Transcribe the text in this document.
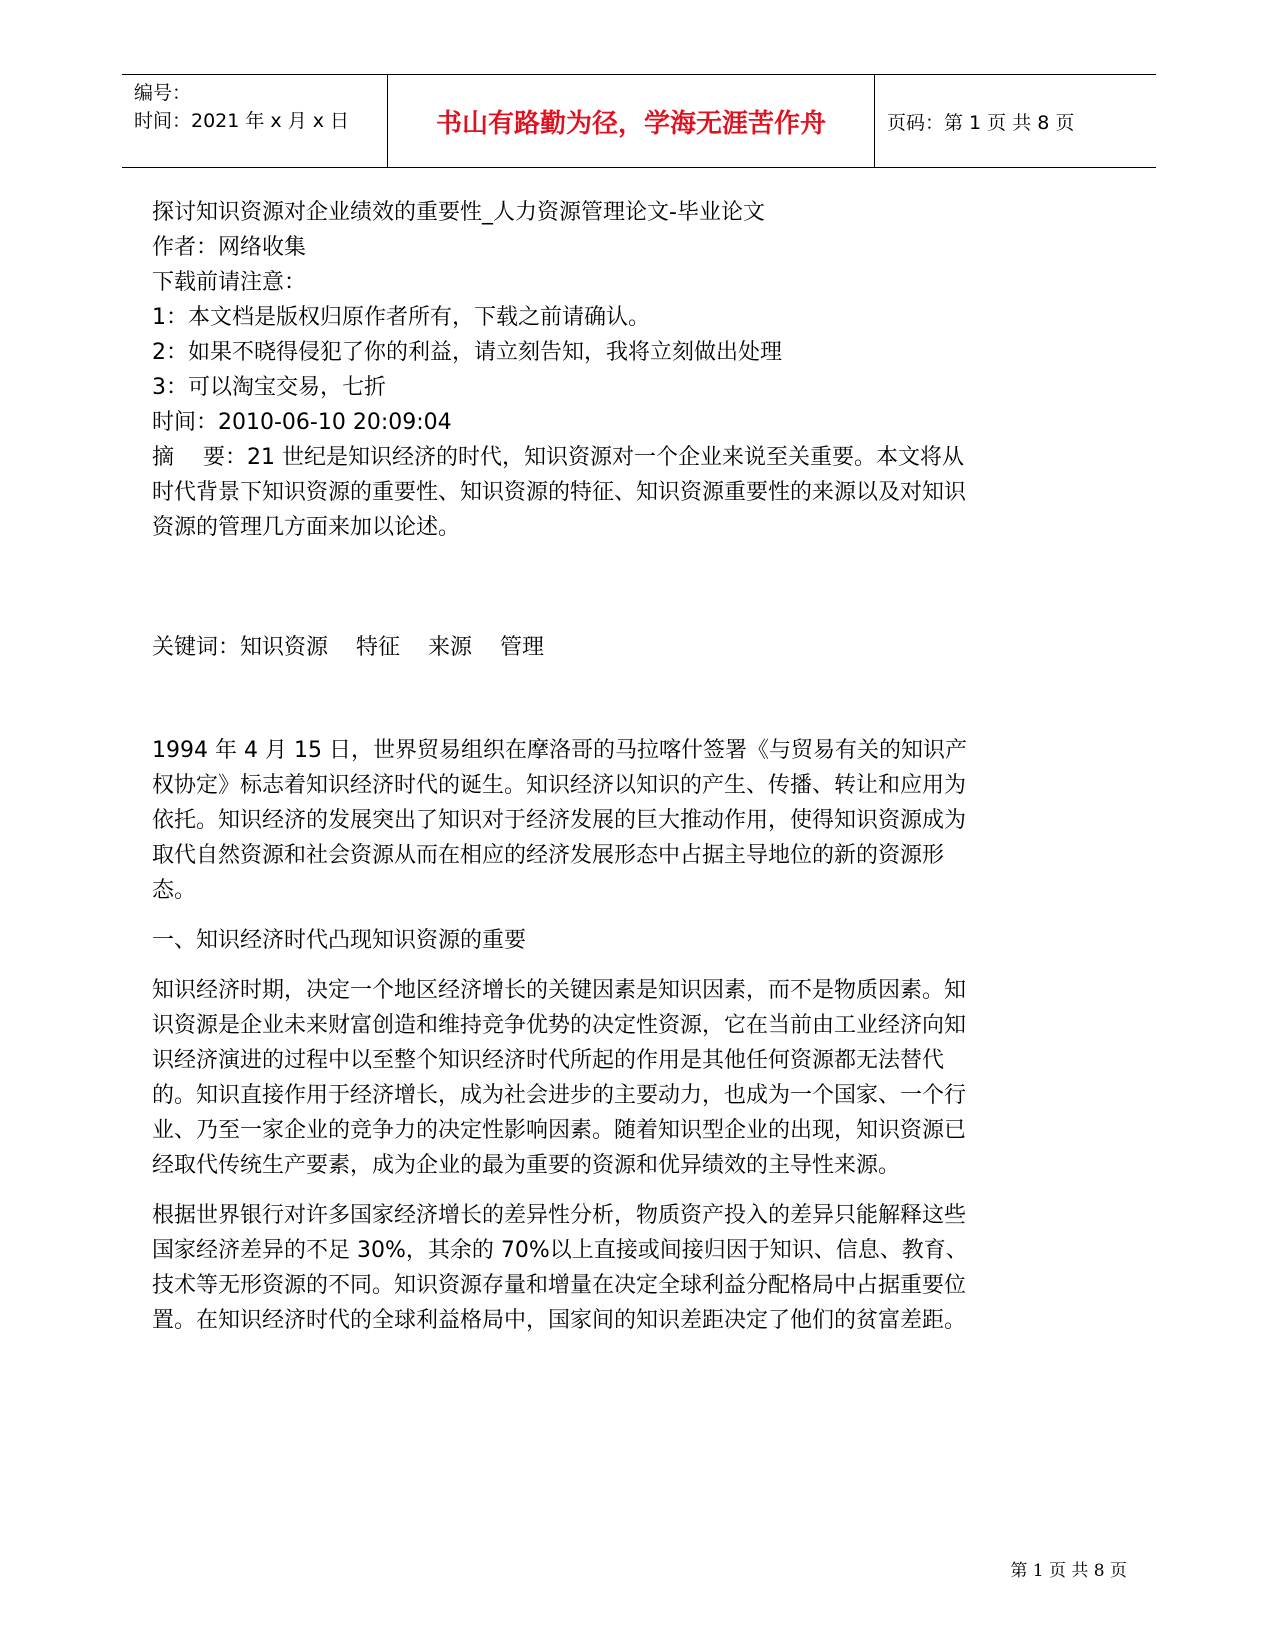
编号：
时间：2021 年 x 月 x 日	书山有路勤为径，学海无涯苦作舟	页码：第 1 页 共 8 页

探讨知识资源对企业绩效的重要性_人力资源管理论文-毕业论文

作者：网络收集

下载前请注意：

1：本文档是版权归原作者所有，下载之前请确认。

2：如果不晓得侵犯了你的利益，请立刻告知，我将立刻做出处理

3：可以淘宝交易，七折

时间：2010-06-10 20:09:04

摘　 要：21 世纪是知识经济的时代，知识资源对一个企业来说至关重要。本文将从时代背景下知识资源的重要性、知识资源的特征、知识资源重要性的来源以及对知识资源的管理几方面来加以论述。

关键词：知识资源 特征 来源 管理

1994 年 4 月 15 日，世界贸易组织在摩洛哥的马拉喀什签署《与贸易有关的知识产权协定》标志着知识经济时代的诞生。知识经济以知识的产生、传播、转让和应用为依托。知识经济的发展突出了知识对于经济发展的巨大推动作用，使得知识资源成为取代自然资源和社会资源从而在相应的经济发展形态中占据主导地位的新的资源形态。

一、知识经济时代凸现知识资源的重要

知识经济时期，决定一个地区经济增长的关键因素是知识因素，而不是物质因素。知识资源是企业未来财富创造和维持竞争优势的决定性资源，它在当前由工业经济向知识经济演进的过程中以至整个知识经济时代所起的作用是其他任何资源都无法替代的。知识直接作用于经济增长，成为社会进步的主要动力，也成为一个国家、一个行业、乃至一家企业的竞争力的决定性影响因素。随着知识型企业的出现，知识资源已经取代传统生产要素，成为企业的最为重要的资源和优异绩效的主导性来源。

根据世界银行对许多国家经济增长的差异性分析，物质资产投入的差异只能解释这些国家经济差异的不足 30%，其余的 70%以上直接或间接归因于知识、信息、教育、技术等无形资源的不同。知识资源存量和增量在决定全球利益分配格局中占据重要位置。在知识经济时代的全球利益格局中，国家间的知识差距决定了他们的贫富差距。

第 1 页 共 8 页
